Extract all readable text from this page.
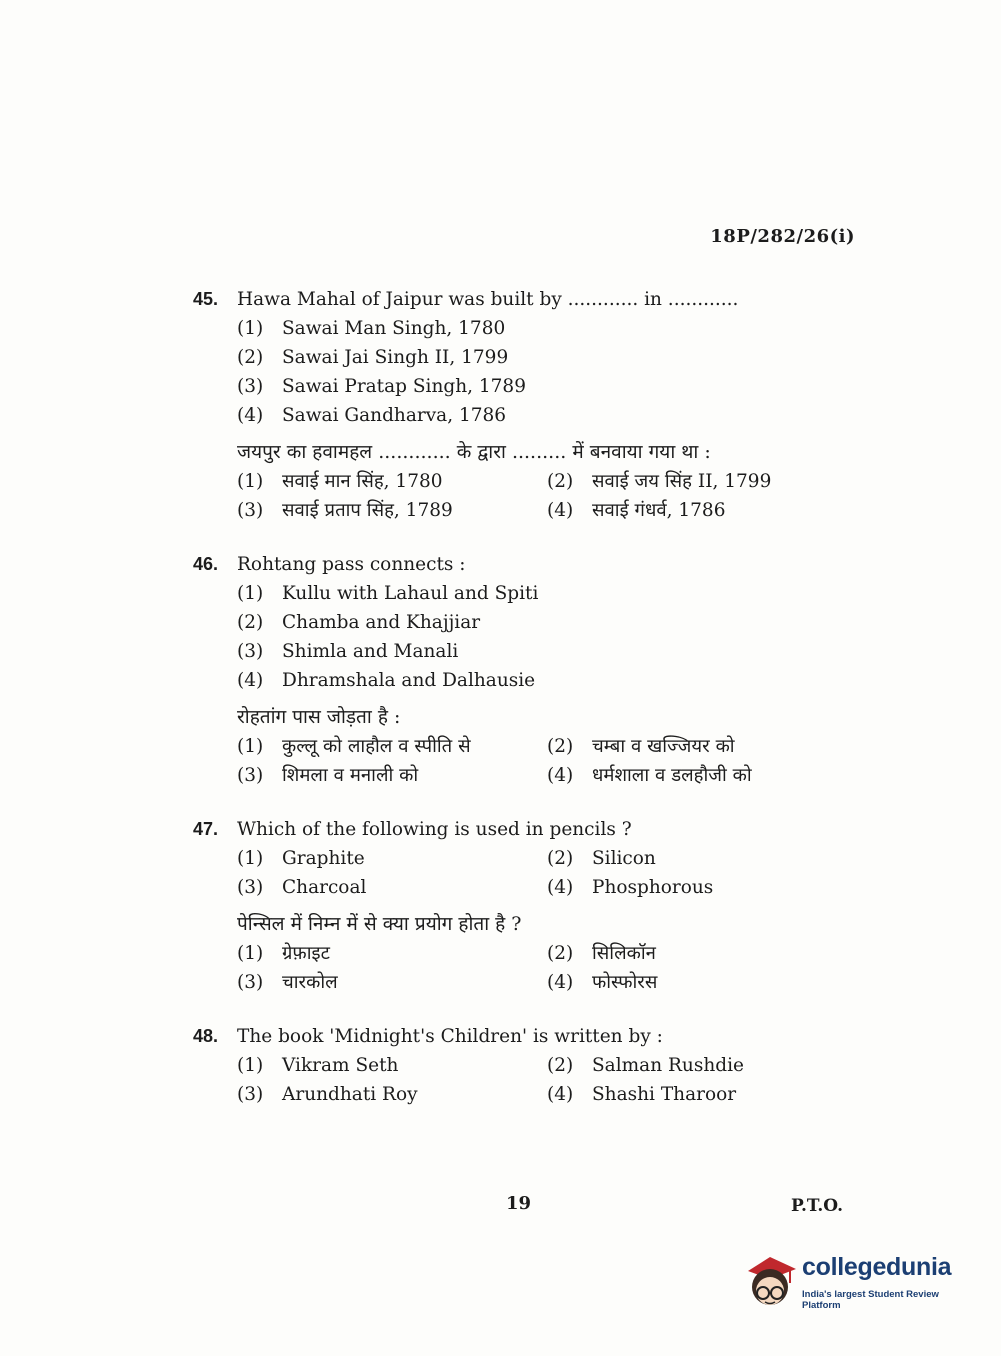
18P/282/26(i)
45. Hawa Mahal of Jaipur was built by ............ in ............
(1) Sawai Man Singh, 1780
(2) Sawai Jai Singh II, 1799
(3) Sawai Pratap Singh, 1789
(4) Sawai Gandharva, 1786
जयपुर का हवामहल ............ के द्वारा ......... में बनवाया गया था :
(1) सवाई मान सिंह, 1780	(2) सवाई जय सिंह II, 1799
(3) सवाई प्रताप सिंह, 1789	(4) सवाई गंधर्व, 1786
46. Rohtang pass connects :
(1) Kullu with Lahaul and Spiti
(2) Chamba and Khajjiar
(3) Shimla and Manali
(4) Dhramshala and Dalhausie
रोहतांग पास जोड़ता है :
(1) कुल्लू को लाहौल व स्पीति से	(2) चम्बा व खज्जियर को
(3) शिमला व मनाली को	(4) धर्मशाला व डलहौजी को
47. Which of the following is used in pencils ?
(1) Graphite	(2) Silicon
(3) Charcoal	(4) Phosphorous
पेन्सिल में निम्न में से क्या प्रयोग होता है ?
(1) ग्रेफ़ाइट	(2) सिलिकॉन
(3) चारकोल	(4) फोस्फोरस
48. The book 'Midnight's Children' is written by :
(1) Vikram Seth	(2) Salman Rushdie
(3) Arundhati Roy	(4) Shashi Tharoor
19	P.T.O.
collegedunia
India's largest Student Review Platform
